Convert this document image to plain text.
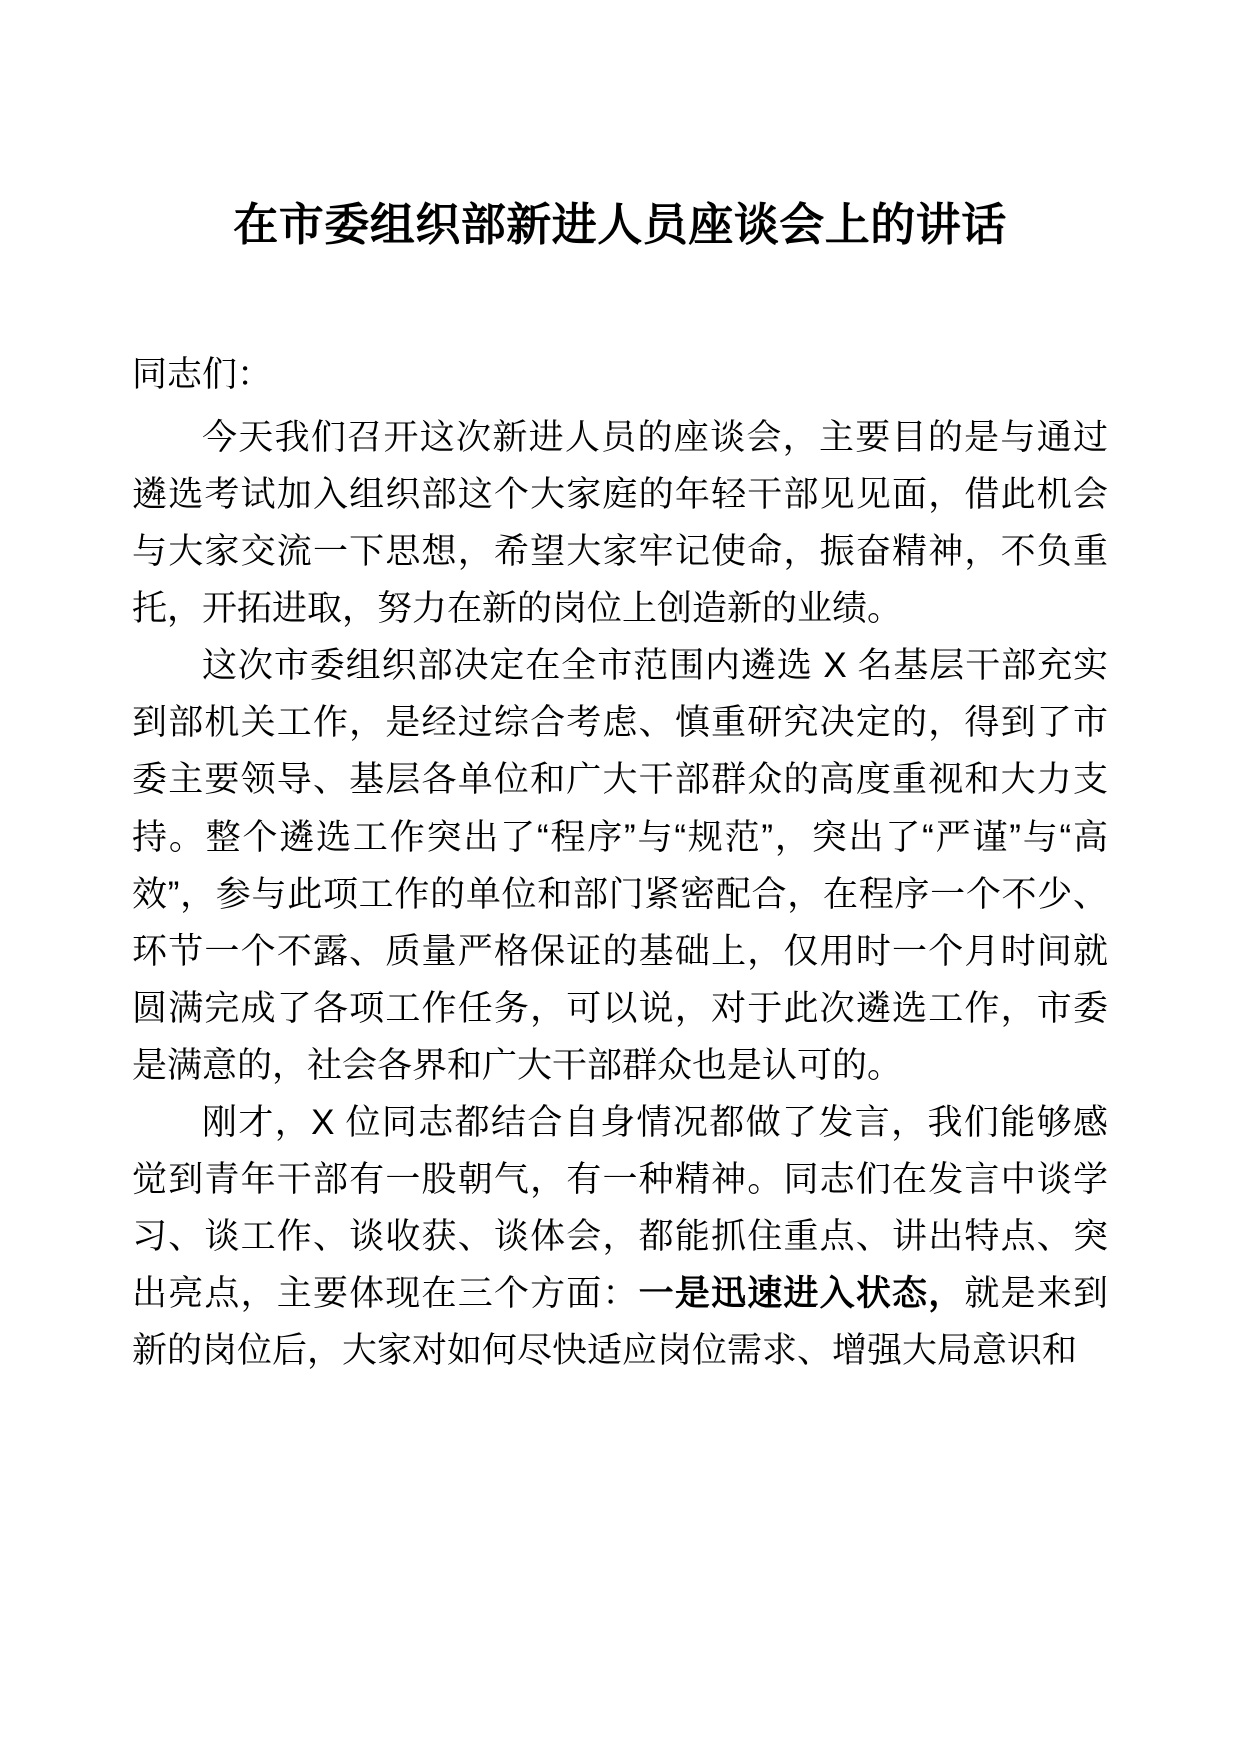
在市委组织部新进人员座谈会上的讲话

同志们：

今天我们召开这次新进人员的座谈会，主要目的是与通过遴选考试加入组织部这个大家庭的年轻干部见见面，借此机会与大家交流一下思想，希望大家牢记使命，振奋精神，不负重托，开拓进取，努力在新的岗位上创造新的业绩。

这次市委组织部决定在全市范围内遴选 X 名基层干部充实到部机关工作，是经过综合考虑、慎重研究决定的，得到了市委主要领导、基层各单位和广大干部群众的高度重视和大力支持。整个遴选工作突出了“程序”与“规范”，突出了“严谨”与“高效”，参与此项工作的单位和部门紧密配合，在程序一个不少、环节一个不露、质量严格保证的基础上，仅用时一个月时间就圆满完成了各项工作任务，可以说，对于此次遴选工作，市委是满意的，社会各界和广大干部群众也是认可的。

刚才，X 位同志都结合自身情况都做了发言，我们能够感觉到青年干部有一股朝气，有一种精神。同志们在发言中谈学习、谈工作、谈收获、谈体会，都能抓住重点、讲出特点、突出亮点，主要体现在三个方面：一是迅速进入状态，就是来到新的岗位后，大家对如何尽快适应岗位需求、增强大局意识和
